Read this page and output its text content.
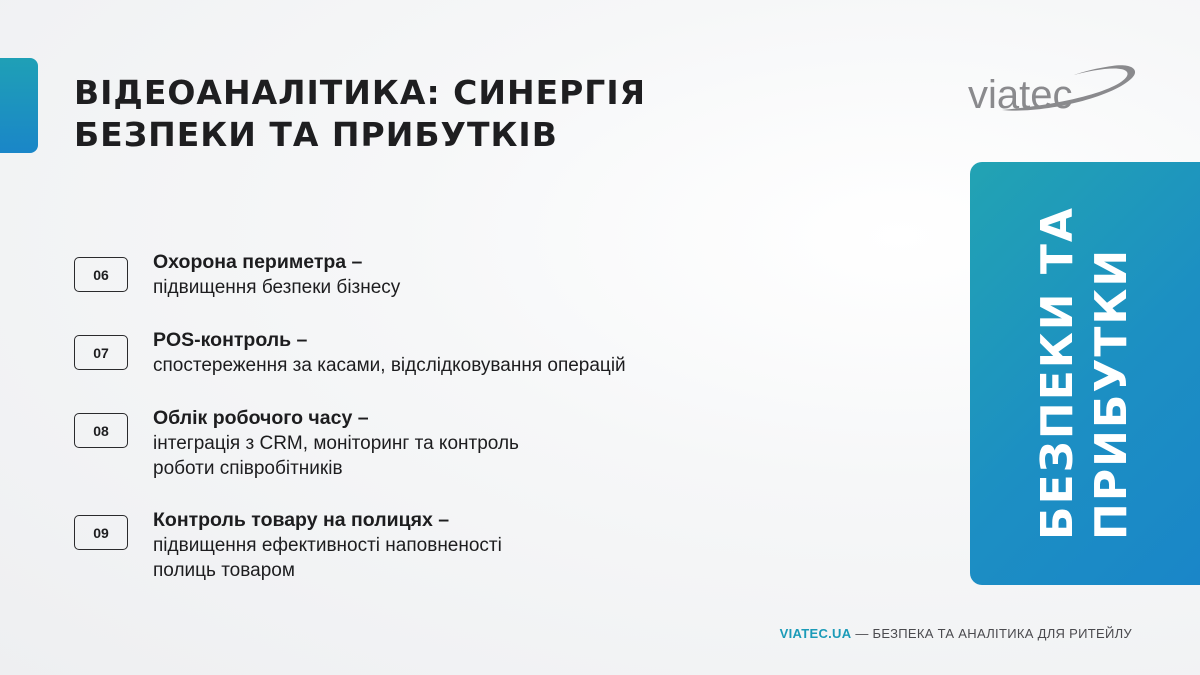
ВІДЕОАНАЛІТИКА: СИНЕРГІЯ
БЕЗПЕКИ ТА ПРИБУТКІВ
viatec
БЕЗПЕКИ ТА ПРИБУТКИ
06
Охорона периметра –
підвищення безпеки бізнесу
07
POS-контроль –
спостереження за касами, відслідковування операцій
08
Облік робочого часу –
інтеграція з CRM, моніторинг та контроль
роботи співробітників
09
Контроль товару на полицях –
підвищення ефективності наповненості
полиць товаром
VIATEC.UA — БЕЗПЕКА ТА АНАЛІТИКА ДЛЯ РИТЕЙЛУ
